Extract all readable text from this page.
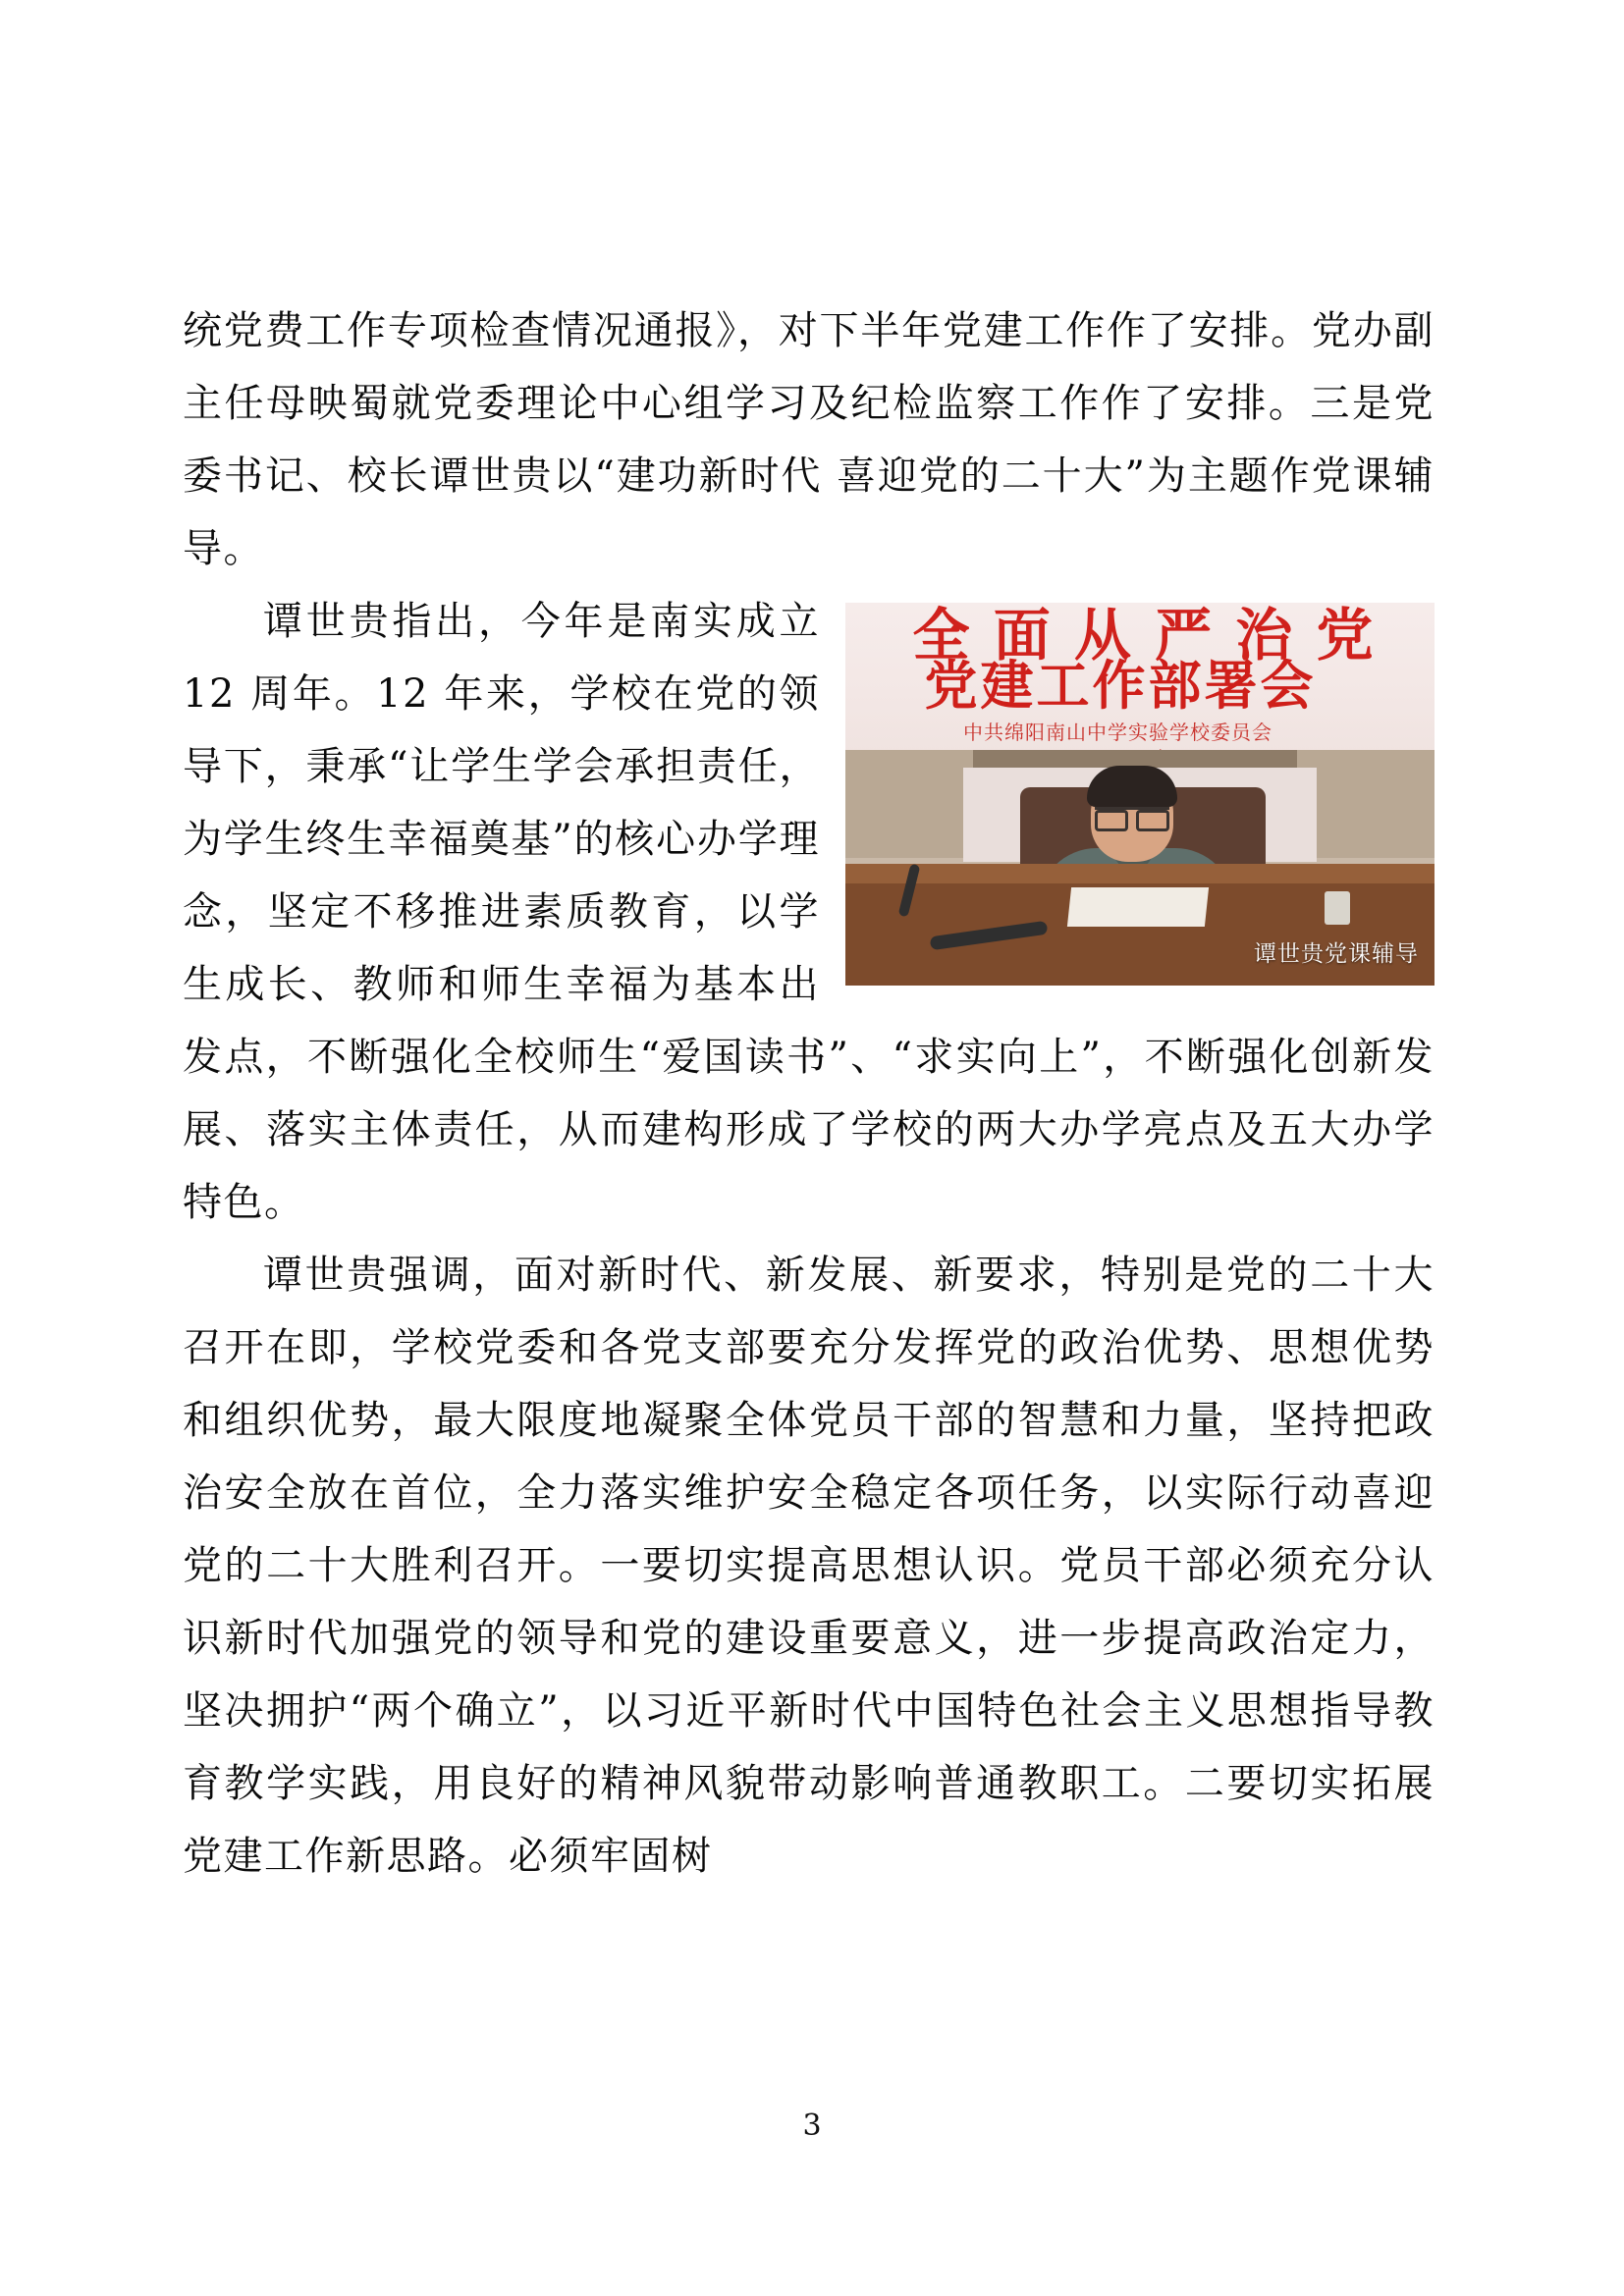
统党费工作专项检查情况通报》，对下半年党建工作作了安排。党办副主任母映蜀就党委理论中心组学习及纪检监察工作作了安排。三是党委书记、校长谭世贵以“建功新时代 喜迎党的二十大”为主题作党课辅导。

全 面 从 严 治 党
党建工作部署会
中共绵阳南山中学实验学校委员会
谭世贵党课辅导

谭世贵指出，今年是南实成立 12 周年。12 年来，学校在党的领导下，秉承“让学生学会承担责任，为学生终生幸福奠基”的核心办学理念，坚定不移推进素质教育，以学生成长、教师和师生幸福为基本出发点，不断强化全校师生“爱国读书”、“求实向上”，不断强化创新发展、落实主体责任，从而建构形成了学校的两大办学亮点及五大办学特色。

谭世贵强调，面对新时代、新发展、新要求，特别是党的二十大召开在即，学校党委和各党支部要充分发挥党的政治优势、思想优势和组织优势，最大限度地凝聚全体党员干部的智慧和力量，坚持把政治安全放在首位，全力落实维护安全稳定各项任务，以实际行动喜迎党的二十大胜利召开。一要切实提高思想认识。党员干部必须充分认识新时代加强党的领导和党的建设重要意义，进一步提高政治定力，坚决拥护“两个确立”，以习近平新时代中国特色社会主义思想指导教育教学实践，用良好的精神风貌带动影响普通教职工。二要切实拓展党建工作新思路。必须牢固树

3
